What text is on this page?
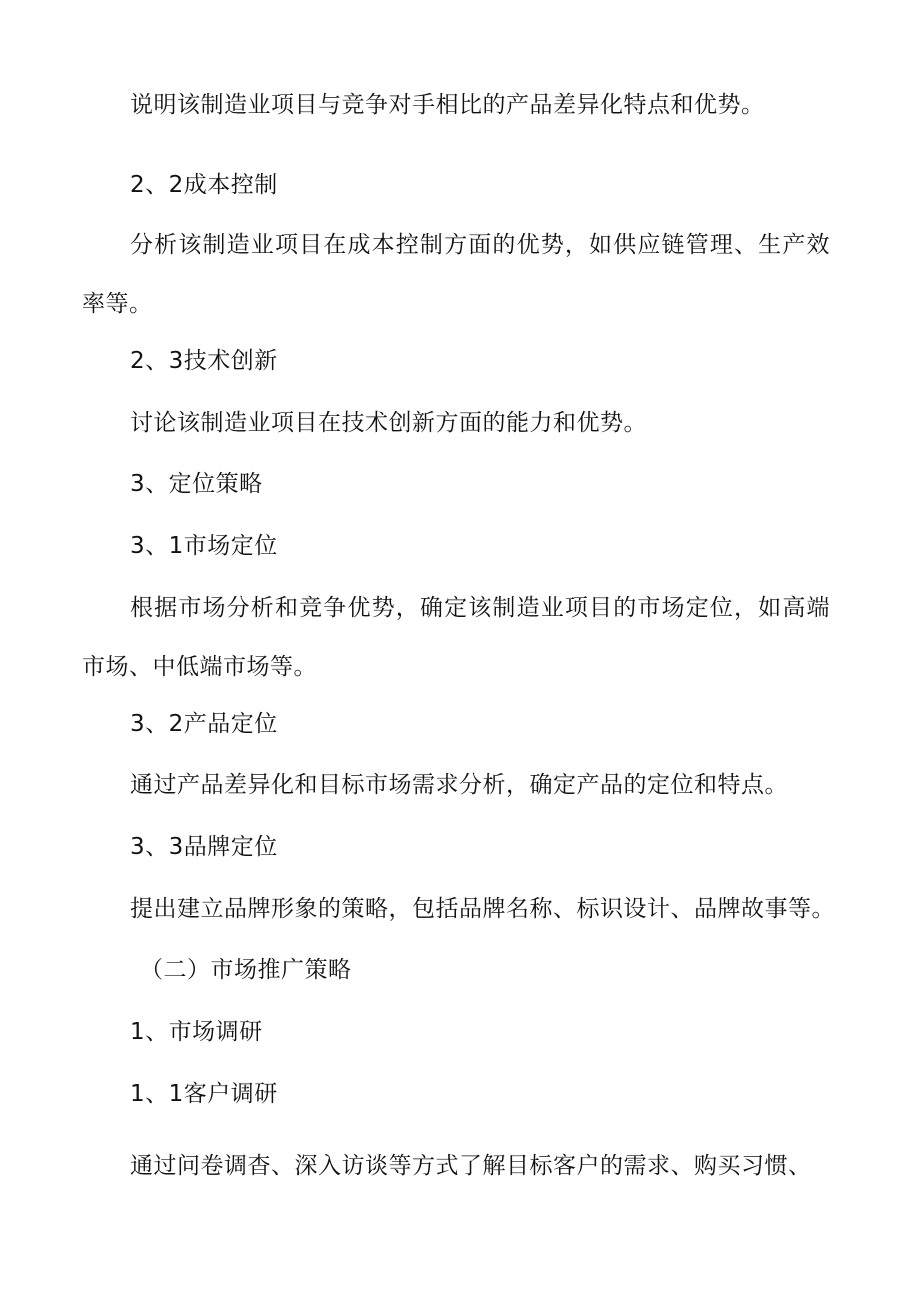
说明该制造业项目与竞争对手相比的产品差异化特点和优势。
2、2成本控制
分析该制造业项目在成本控制方面的优势，如供应链管理、生产效率等。
2、3技术创新
讨论该制造业项目在技术创新方面的能力和优势。
3、定位策略
3、1市场定位
根据市场分析和竞争优势，确定该制造业项目的市场定位，如高端市场、中低端市场等。
3、2产品定位
通过产品差异化和目标市场需求分析，确定产品的定位和特点。
3、3品牌定位
提出建立品牌形象的策略，包括品牌名称、标识设计、品牌故事等。
（二）市场推广策略
1、市场调研
1、1客户调研
通过问卷调杳、深入访谈等方式了解目标客户的需求、购买习惯、
